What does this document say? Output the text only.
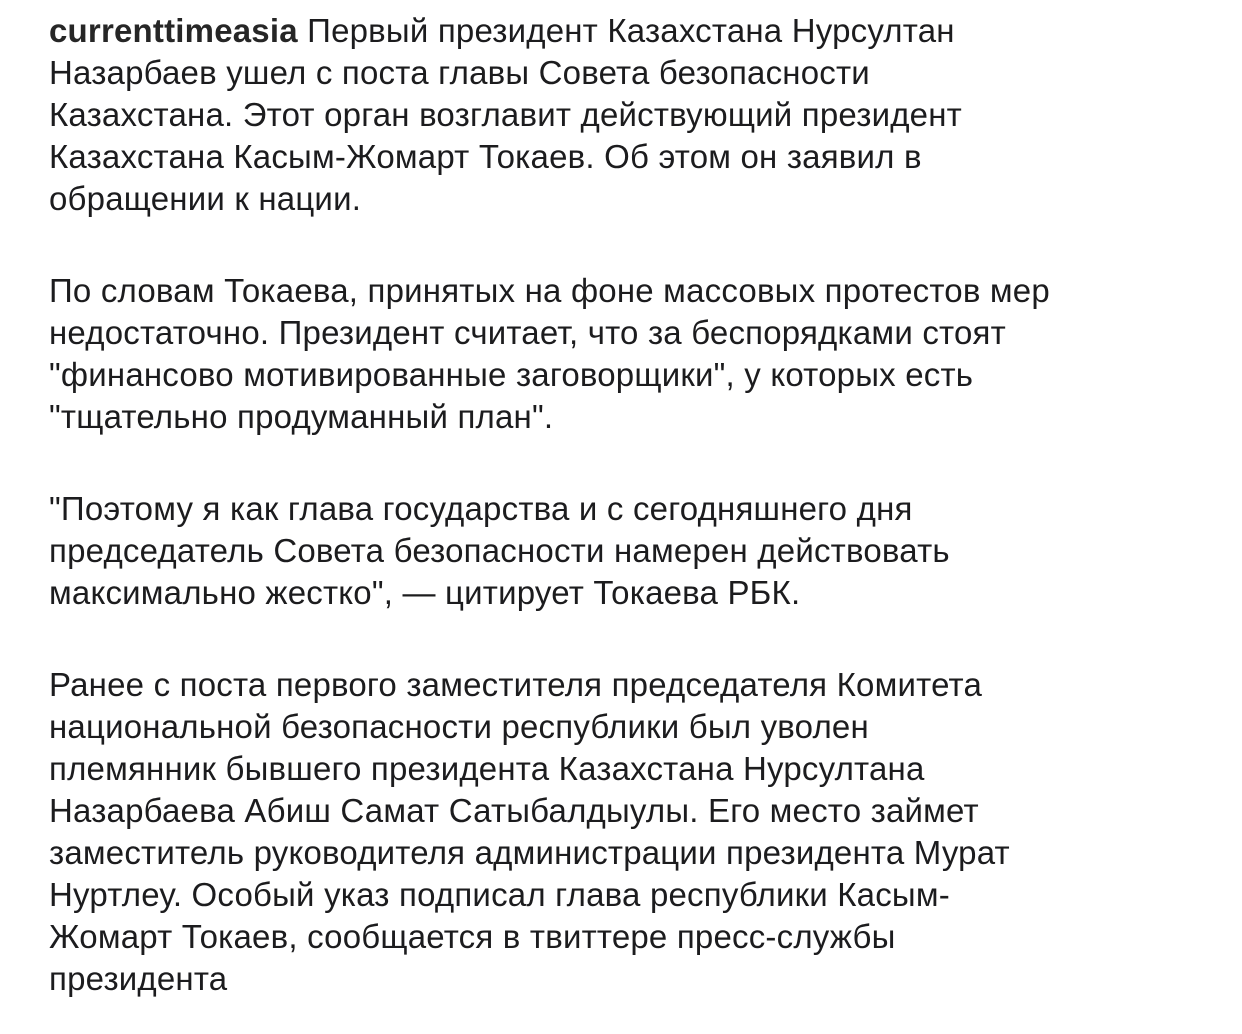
currenttimeasia Первый президент Казахстана Нурсултан
Назарбаев ушел с поста главы Совета безопасности
Казахстана. Этот орган возглавит действующий президент
Казахстана Касым-Жомарт Токаев. Об этом он заявил в
обращении к нации.
По словам Токаева, принятых на фоне массовых протестов мер
недостаточно. Президент считает, что за беспорядками стоят
"финансово мотивированные заговорщики", у которых есть
"тщательно продуманный план".
"Поэтому я как глава государства и с сегодняшнего дня
председатель Совета безопасности намерен действовать
максимально жестко", — цитирует Токаева РБК.
Ранее с поста первого заместителя председателя Комитета
национальной безопасности республики был уволен
племянник бывшего президента Казахстана Нурсултана
Назарбаева Абиш Самат Сатыбалдыулы. Его место займет
заместитель руководителя администрации президента Мурат
Нуртлеу. Особый указ подписал глава республики Касым-
Жомарт Токаев, сообщается в твиттере пресс-службы
президента
